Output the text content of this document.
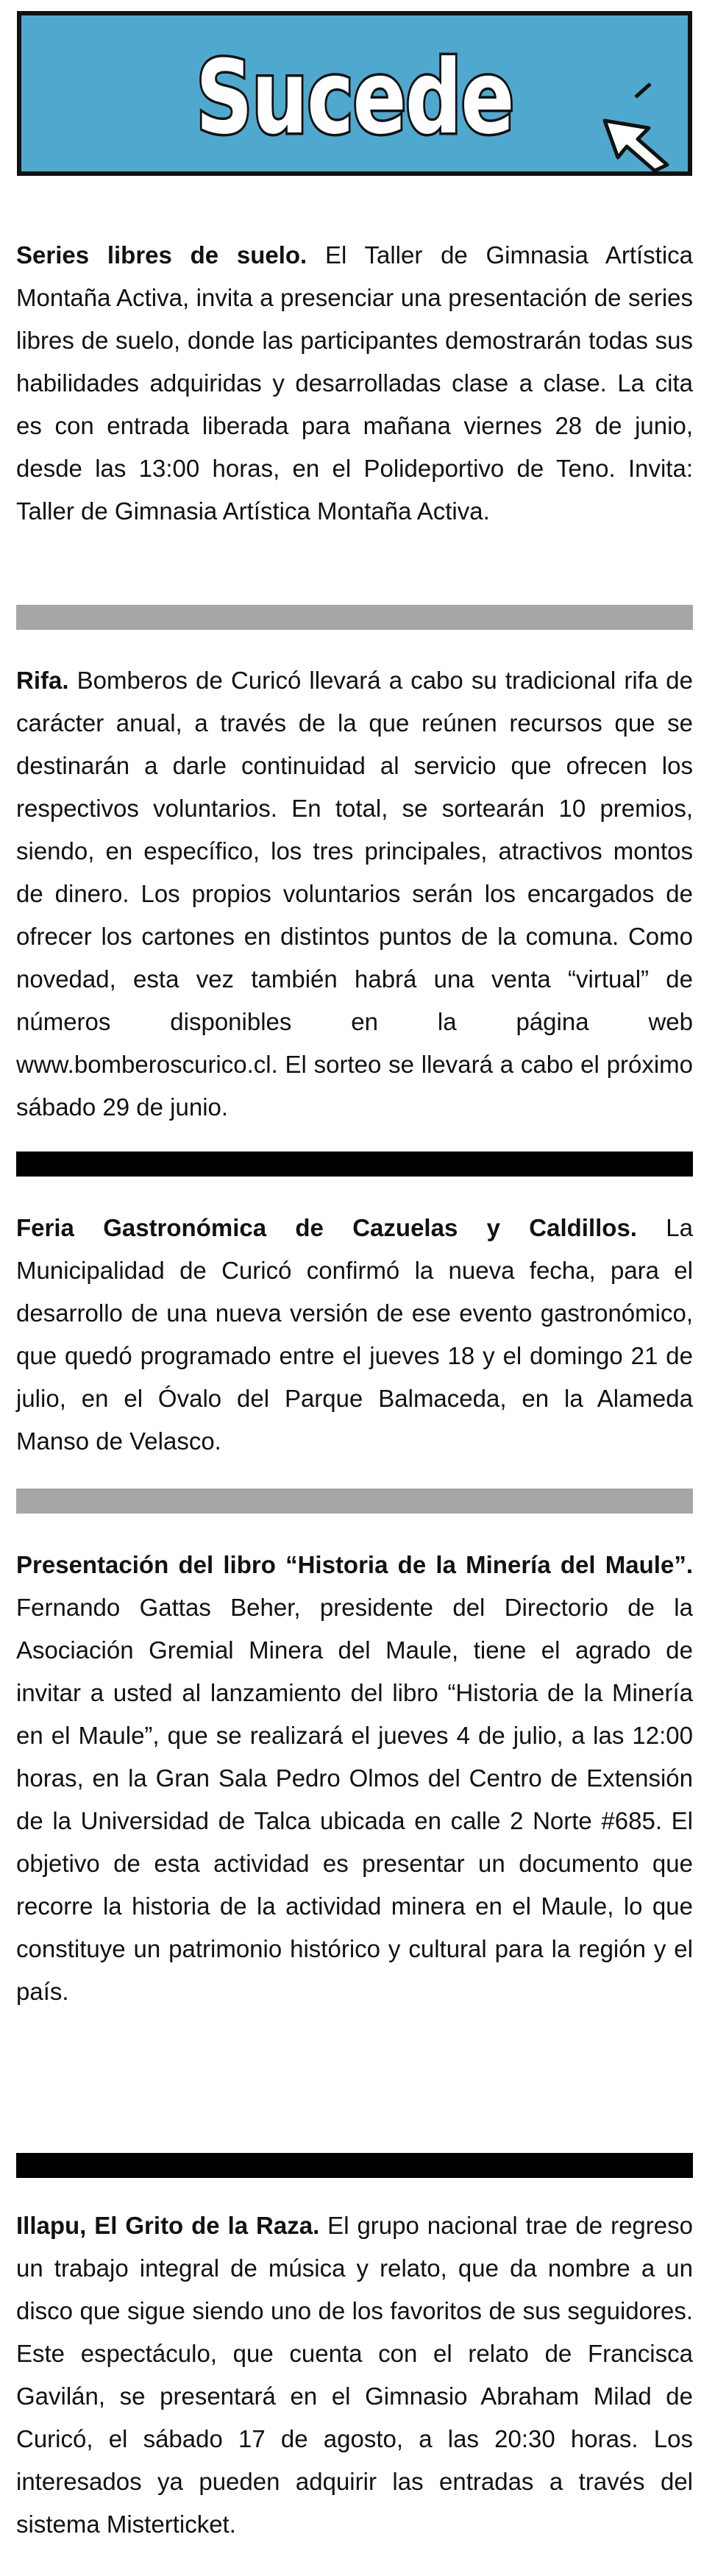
Sucede
Series libres de suelo. El Taller de Gimnasia Artística Montaña Activa, invita a presenciar una presentación de series libres de suelo, donde las participantes demostrarán todas sus habilidades adquiridas y desarrolladas clase a clase. La cita es con entrada liberada para mañana viernes 28 de junio, desde las 13:00 horas, en el Polideportivo de Teno. Invita: Taller de Gimnasia Artística Montaña Activa.
Rifa. Bomberos de Curicó llevará a cabo su tradicional rifa de carácter anual, a través de la que reúnen recursos que se destinarán a darle continuidad al servicio que ofrecen los respectivos voluntarios. En total, se sortearán 10 premios, siendo, en específico, los tres principales, atractivos montos de dinero. Los propios voluntarios serán los encargados de ofrecer los cartones en distintos puntos de la comuna. Como novedad, esta vez también habrá una venta “virtual” de números disponibles en la página web www.bomberoscurico.cl. El sorteo se llevará a cabo el próximo sábado 29 de junio.
Feria Gastronómica de Cazuelas y Caldillos. La Municipalidad de Curicó confirmó la nueva fecha, para el desarrollo de una nueva versión de ese evento gastronómico, que quedó programado entre el jueves 18 y el domingo 21 de julio, en el Óvalo del Parque Balmaceda, en la Alameda Manso de Velasco.
Presentación del libro “Historia de la Minería del Maule”. Fernando Gattas Beher, presidente del Directorio de la Asociación Gremial Minera del Maule, tiene el agrado de invitar a usted al lanzamiento del libro “Historia de la Minería en el Maule”, que se realizará el jueves 4 de julio, a las 12:00 horas, en la Gran Sala Pedro Olmos del Centro de Extensión de la Universidad de Talca ubicada en calle 2 Norte #685. El objetivo de esta actividad es presentar un documento que recorre la historia de la actividad minera en el Maule, lo que constituye un patrimonio histórico y cultural para la región y el país.
Illapu, El Grito de la Raza. El grupo nacional trae de regreso un trabajo integral de música y relato, que da nombre a un disco que sigue siendo uno de los favoritos de sus seguidores. Este espectáculo, que cuenta con el relato de Francisca Gavilán, se presentará en el Gimnasio Abraham Milad de Curicó, el sábado 17 de agosto, a las 20:30 horas. Los interesados ya pueden adquirir las entradas a través del sistema Misterticket.
